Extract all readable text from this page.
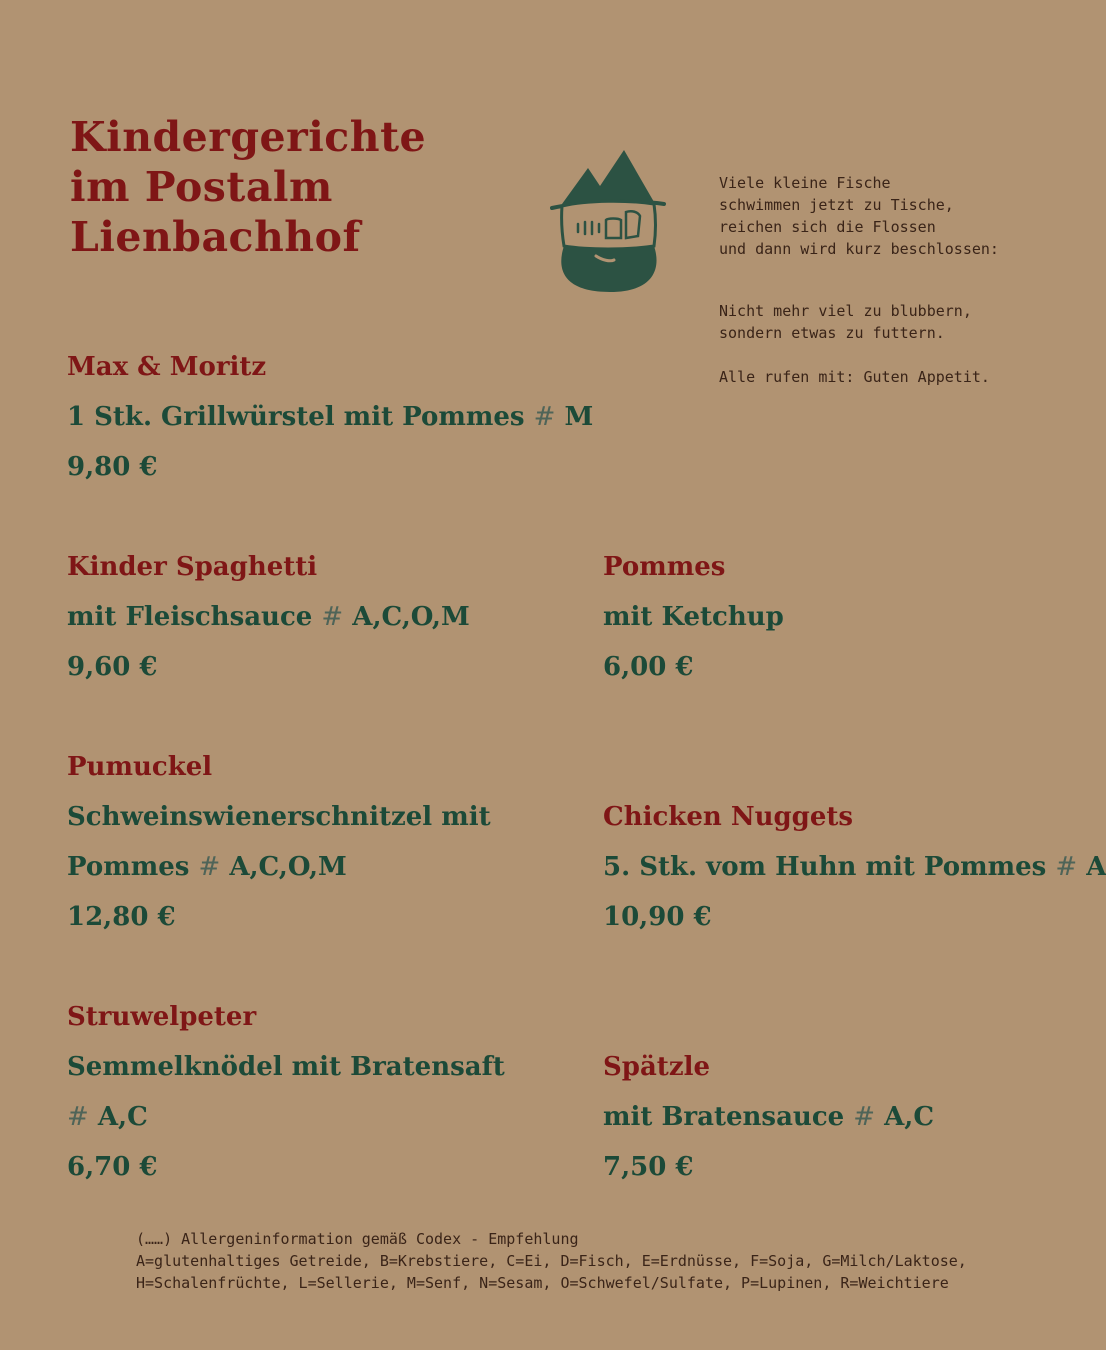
Kindergerichte
im Postalm
Lienbachhof
Viele kleine Fische
schwimmen jetzt zu Tische,
reichen sich die Flossen
und dann wird kurz beschlossen:
Nicht mehr viel zu blubbern,
sondern etwas zu futtern.
Alle rufen mit: Guten Appetit.
Max & Moritz
1 Stk. Grillwürstel mit Pommes # M
9,80 €
Kinder Spaghetti
mit Fleischsauce # A,C,O,M
9,60 €
Pommes
mit Ketchup
6,00 €
Pumuckel
Schweinswienerschnitzel mit
Pommes # A,C,O,M
12,80 €
Chicken Nuggets
5. Stk. vom Huhn mit Pommes # A
10,90 €
Struwelpeter
Semmelknödel mit Bratensaft
# A,C
6,70 €
Spätzle
mit Bratensauce # A,C
7,50 €
(……) Allergeninformation gemäß Codex - Empfehlung
A=glutenhaltiges Getreide, B=Krebstiere, C=Ei, D=Fisch, E=Erdnüsse, F=Soja, G=Milch/Laktose,
H=Schalenfrüchte, L=Sellerie, M=Senf, N=Sesam, O=Schwefel/Sulfate, P=Lupinen, R=Weichtiere
